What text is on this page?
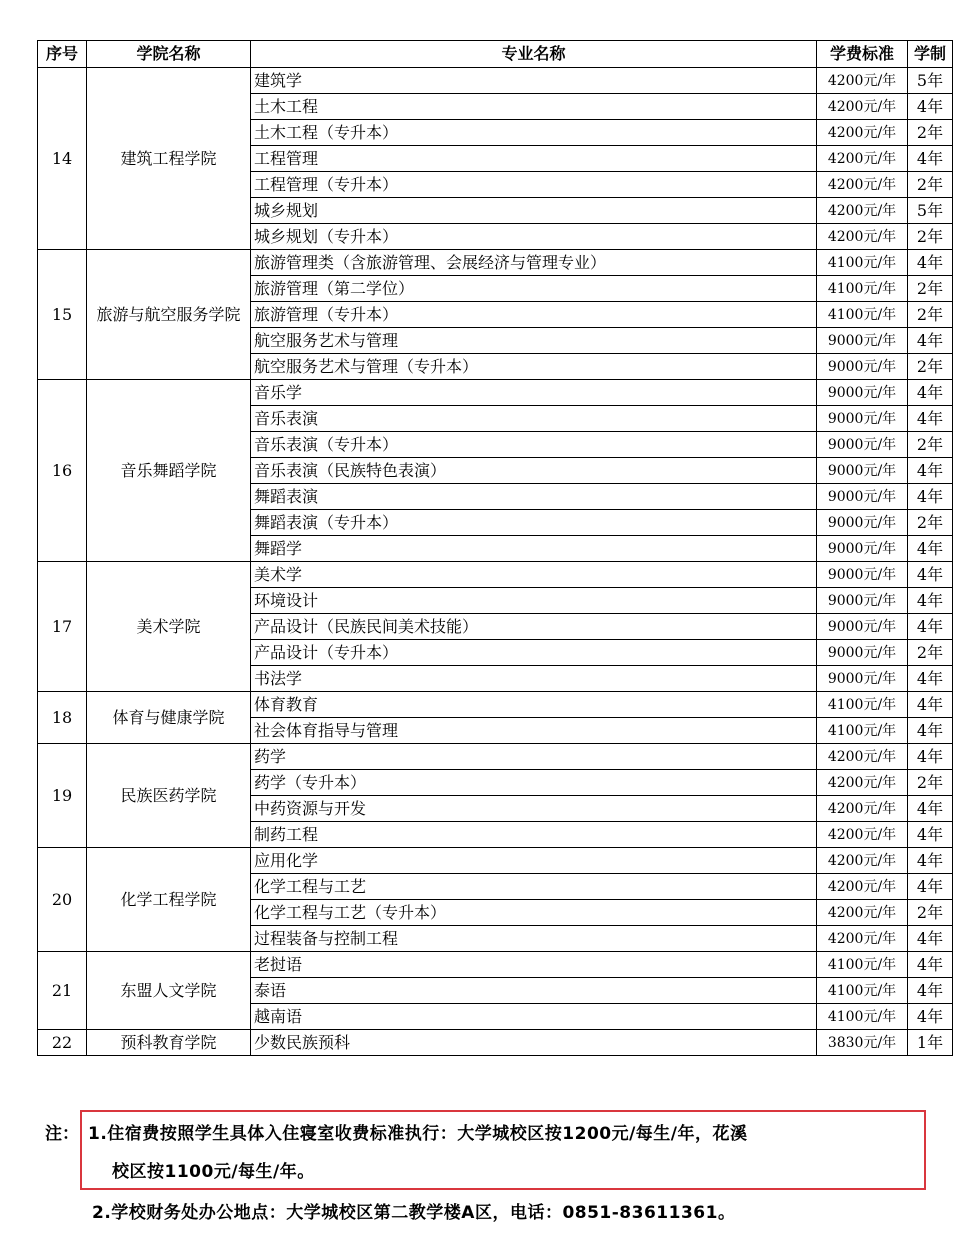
序号	学院名称	专业名称	学费标准	学制
14	建筑工程学院	建筑学	4200元/年	5年
		土木工程	4200元/年	4年
		土木工程（专升本）	4200元/年	2年
		工程管理	4200元/年	4年
		工程管理（专升本）	4200元/年	2年
		城乡规划	4200元/年	5年
		城乡规划（专升本）	4200元/年	2年
15	旅游与航空服务学院	旅游管理类（含旅游管理、会展经济与管理专业）	4100元/年	4年
		旅游管理（第二学位）	4100元/年	2年
		旅游管理（专升本）	4100元/年	2年
		航空服务艺术与管理	9000元/年	4年
		航空服务艺术与管理（专升本）	9000元/年	2年
16	音乐舞蹈学院	音乐学	9000元/年	4年
		音乐表演	9000元/年	4年
		音乐表演（专升本）	9000元/年	2年
		音乐表演（民族特色表演）	9000元/年	4年
		舞蹈表演	9000元/年	4年
		舞蹈表演（专升本）	9000元/年	2年
		舞蹈学	9000元/年	4年
17	美术学院	美术学	9000元/年	4年
		环境设计	9000元/年	4年
		产品设计（民族民间美术技能）	9000元/年	4年
		产品设计（专升本）	9000元/年	2年
		书法学	9000元/年	4年
18	体育与健康学院	体育教育	4100元/年	4年
		社会体育指导与管理	4100元/年	4年
19	民族医药学院	药学	4200元/年	4年
		药学（专升本）	4200元/年	2年
		中药资源与开发	4200元/年	4年
		制药工程	4200元/年	4年
20	化学工程学院	应用化学	4200元/年	4年
		化学工程与工艺	4200元/年	4年
		化学工程与工艺（专升本）	4200元/年	2年
		过程装备与控制工程	4200元/年	4年
21	东盟人文学院	老挝语	4100元/年	4年
		泰语	4100元/年	4年
		越南语	4100元/年	4年
22	预科教育学院	少数民族预科	3830元/年	1年
注： 1.住宿费按照学生具体入住寝室收费标准执行：大学城校区按1200元/每生/年，花溪
校区按1100元/每生/年。
2.学校财务处办公地点：大学城校区第二教学楼A区，电话：0851-83611361。
